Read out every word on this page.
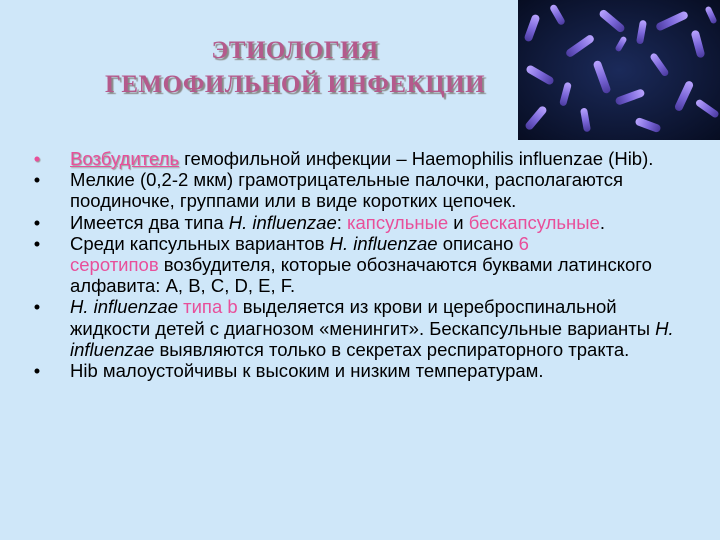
ЭТИОЛОГИЯ
ГЕМОФИЛЬНОЙ ИНФЕКЦИИ
• Возбудитель гемофильной инфекции – Haemophilis influenzae (Hib).
• Мелкие (0,2-2 мкм) грамотрицательные палочки, располагаются поодиночке, группами или в виде коротких цепочек.
• Имеется два типа H. influenzae: капсульные и бескапсульные.
• Среди капсульных вариантов H. influenzae описано 6
серотипов возбудителя, которые обозначаются буквами латинского алфавита: А, В, С, D, E, F.
• H. influenzae типа b выделяется из крови и цереброспинальной жидкости детей с диагнозом «менингит». Бескапсульные варианты H. influenzae выявляются только в секретах респираторного тракта.
• Hib малоустойчивы к высоким и низким температурам.
